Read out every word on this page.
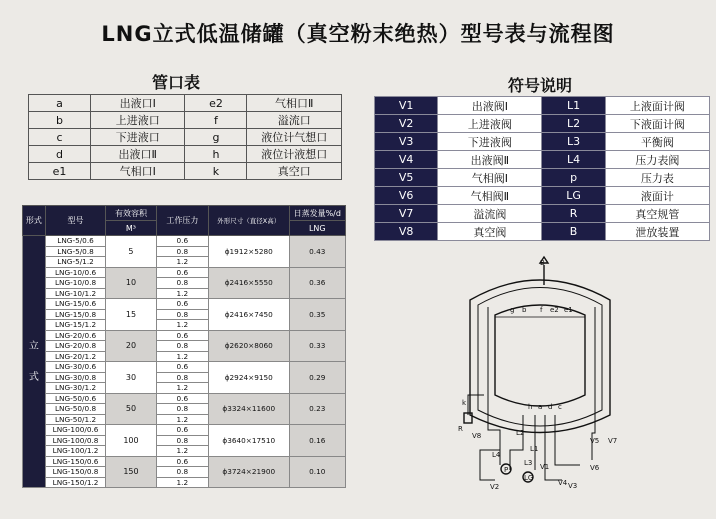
LNG立式低温储罐（真空粉末绝热）型号表与流程图
管口表
a	出液口Ⅰ	e2	气相口Ⅱ
b	上进液口	f	溢流口
c	下进液口	g	液位计气想口
d	出液口Ⅱ	h	液位计液想口
e1	气相口Ⅰ	k	真空口
符号说明
V1	出液阀Ⅰ	L1	上液面计阀
V2	上进液阀	L2	下液面计阀
V3	下进液阀	L3	平衡阀
V4	出液阀Ⅱ	L4	压力表阀
V5	气相阀Ⅰ	p	压力表
V6	气相阀Ⅱ	LG	液面计
V7	溢流阀	R	真空规管
V8	真空阀	B	泄放装置
形式	型号	有效容积	工作压力	外形尺寸（直径X高）	日蒸发量%/d
		M³			LNG

立
式	LNG-5/0.6	5	0.6	ϕ1912×5280	0.43
	LNG-5/0.8		0.8		
	LNG-5/1.2		1.2		
	LNG-10/0.6	10	0.6	ϕ2416×5550	0.36
	LNG-10/0.8		0.8		
	LNG-10/1.2		1.2		
	LNG-15/0.6	15	0.6	ϕ2416×7450	0.35
	LNG-15/0.8		0.8		
	LNG-15/1.2		1.2		
	LNG-20/0.6	20	0.6	ϕ2620×8060	0.33
	LNG-20/0.8		0.8		
	LNG-20/1.2		1.2		
	LNG-30/0.6	30	0.6	ϕ2924×9150	0.29
	LNG-30/0.8		0.8		
	LNG-30/1.2		1.2		
	LNG-50/0.6	50	0.6	ϕ3324×11600	0.23
	LNG-50/0.8		0.8		
	LNG-50/1.2		1.2		
	LNG-100/0.6	100	0.6	ϕ3640×17510	0.16
	LNG-100/0.8		0.8		
	LNG-100/1.2		1.2		
	LNG-150/0.6	150	0.6	ϕ3724×21900	0.10
	LNG-150/0.8		0.8		
	LNG-150/1.2		1.2		
B
k
V8
R
g b f e2 e1
h a d c
L1
L2
L3
L4
P
LG
V1
V2	V3
V4
V5
V6
V7
